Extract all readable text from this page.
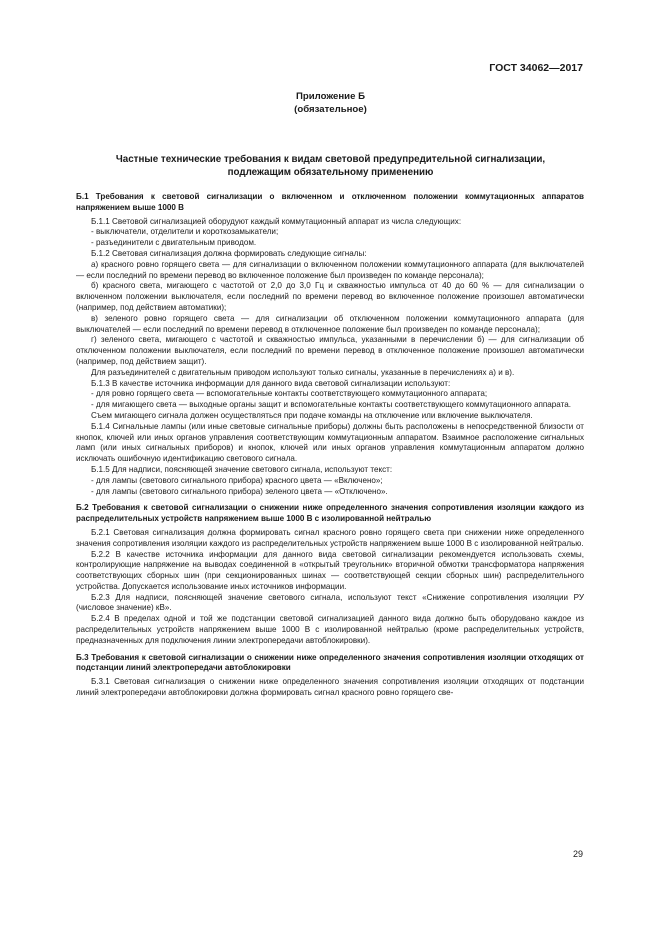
ГОСТ 34062—2017
Приложение Б
(обязательное)
Частные технические требования к видам световой предупредительной сигнализации,
подлежащим обязательному применению

Б.1 Требования к световой сигнализации о включенном и отключенном положении коммутационных аппаратов напряжением выше 1000 В

Б.1.1 Световой сигнализацией оборудуют каждый коммутационный аппарат из числа следующих:

- выключатели, отделители и короткозамыкатели;

- разъединители с двигательным приводом.

Б.1.2 Световая сигнализация должна формировать следующие сигналы:

а) красного ровно горящего света — для сигнализации о включенном положении коммутационного аппарата (для выключателей — если последний по времени перевод во включенное положение был произведен по команде персонала);

б) красного света, мигающего с частотой от 2,0 до 3,0 Гц и скважностью импульса от 40 до 60 % — для сигнализации о включенном положении выключателя, если последний по времени перевод во включенное положение произошел автоматически (например, под действием автоматики);

в) зеленого ровно горящего света — для сигнализации об отключенном положении коммутационного аппарата (для выключателей — если последний по времени перевод в отключенное положение был произведен по команде персонала);

г) зеленого света, мигающего с частотой и скважностью импульса, указанными в перечислении б) — для сигнализации об отключенном положении выключателя, если последний по времени перевод в отключенное положение произошел автоматически (например, под действием защит).

Для разъединителей с двигательным приводом используют только сигналы, указанные в перечислениях а) и в).

Б.1.3 В качестве источника информации для данного вида световой сигнализации используют:

- для ровно горящего света — вспомогательные контакты соответствующего коммутационного аппарата;

- для мигающего света — выходные органы защит и вспомогательные контакты соответствующего коммутационного аппарата.

Съем мигающего сигнала должен осуществляться при подаче команды на отключение или включение выключателя.

Б.1.4 Сигнальные лампы (или иные световые сигнальные приборы) должны быть расположены в непосредственной близости от кнопок, ключей или иных органов управления соответствующим коммутационным аппаратом. Взаимное расположение сигнальных ламп (или иных сигнальных приборов) и кнопок, ключей или иных органов управления коммутационным аппаратом должно исключать ошибочную идентификацию светового сигнала.

Б.1.5 Для надписи, поясняющей значение светового сигнала, используют текст:

- для лампы (светового сигнального прибора) красного цвета — «Включено»;

- для лампы (светового сигнального прибора) зеленого цвета — «Отключено».

Б.2 Требования к световой сигнализации о снижении ниже определенного значения сопротивления изоляции каждого из распределительных устройств напряжением выше 1000 В с изолированной нейтралью

Б.2.1 Световая сигнализация должна формировать сигнал красного ровно горящего света при снижении ниже определенного значения сопротивления изоляции каждого из распределительных устройств напряжением выше 1000 В с изолированной нейтралью.

Б.2.2 В качестве источника информации для данного вида световой сигнализации рекомендуется использовать схемы, контролирующие напряжение на выводах соединенной в «открытый треугольник» вторичной обмотки трансформатора напряжения соответствующих сборных шин (при секционированных шинах — соответствующей секции сборных шин) распределительного устройства. Допускается использование иных источников информации.

Б.2.3 Для надписи, поясняющей значение светового сигнала, используют текст «Снижение сопротивления изоляции РУ (числовое значение) кВ».

Б.2.4 В пределах одной и той же подстанции световой сигнализацией данного вида должно быть оборудовано каждое из распределительных устройств напряжением выше 1000 В с изолированной нейтралью (кроме распределительных устройств, предназначенных для подключения линии электропередачи автоблокировки).

Б.3 Требования к световой сигнализации о снижении ниже определенного значения сопротивления изоляции отходящих от подстанции линий электропередачи автоблокировки

Б.3.1 Световая сигнализация о снижении ниже определенного значения сопротивления изоляции отходящих от подстанции линий электропередачи автоблокировки должна формировать сигнал красного ровно горящего све-

29
